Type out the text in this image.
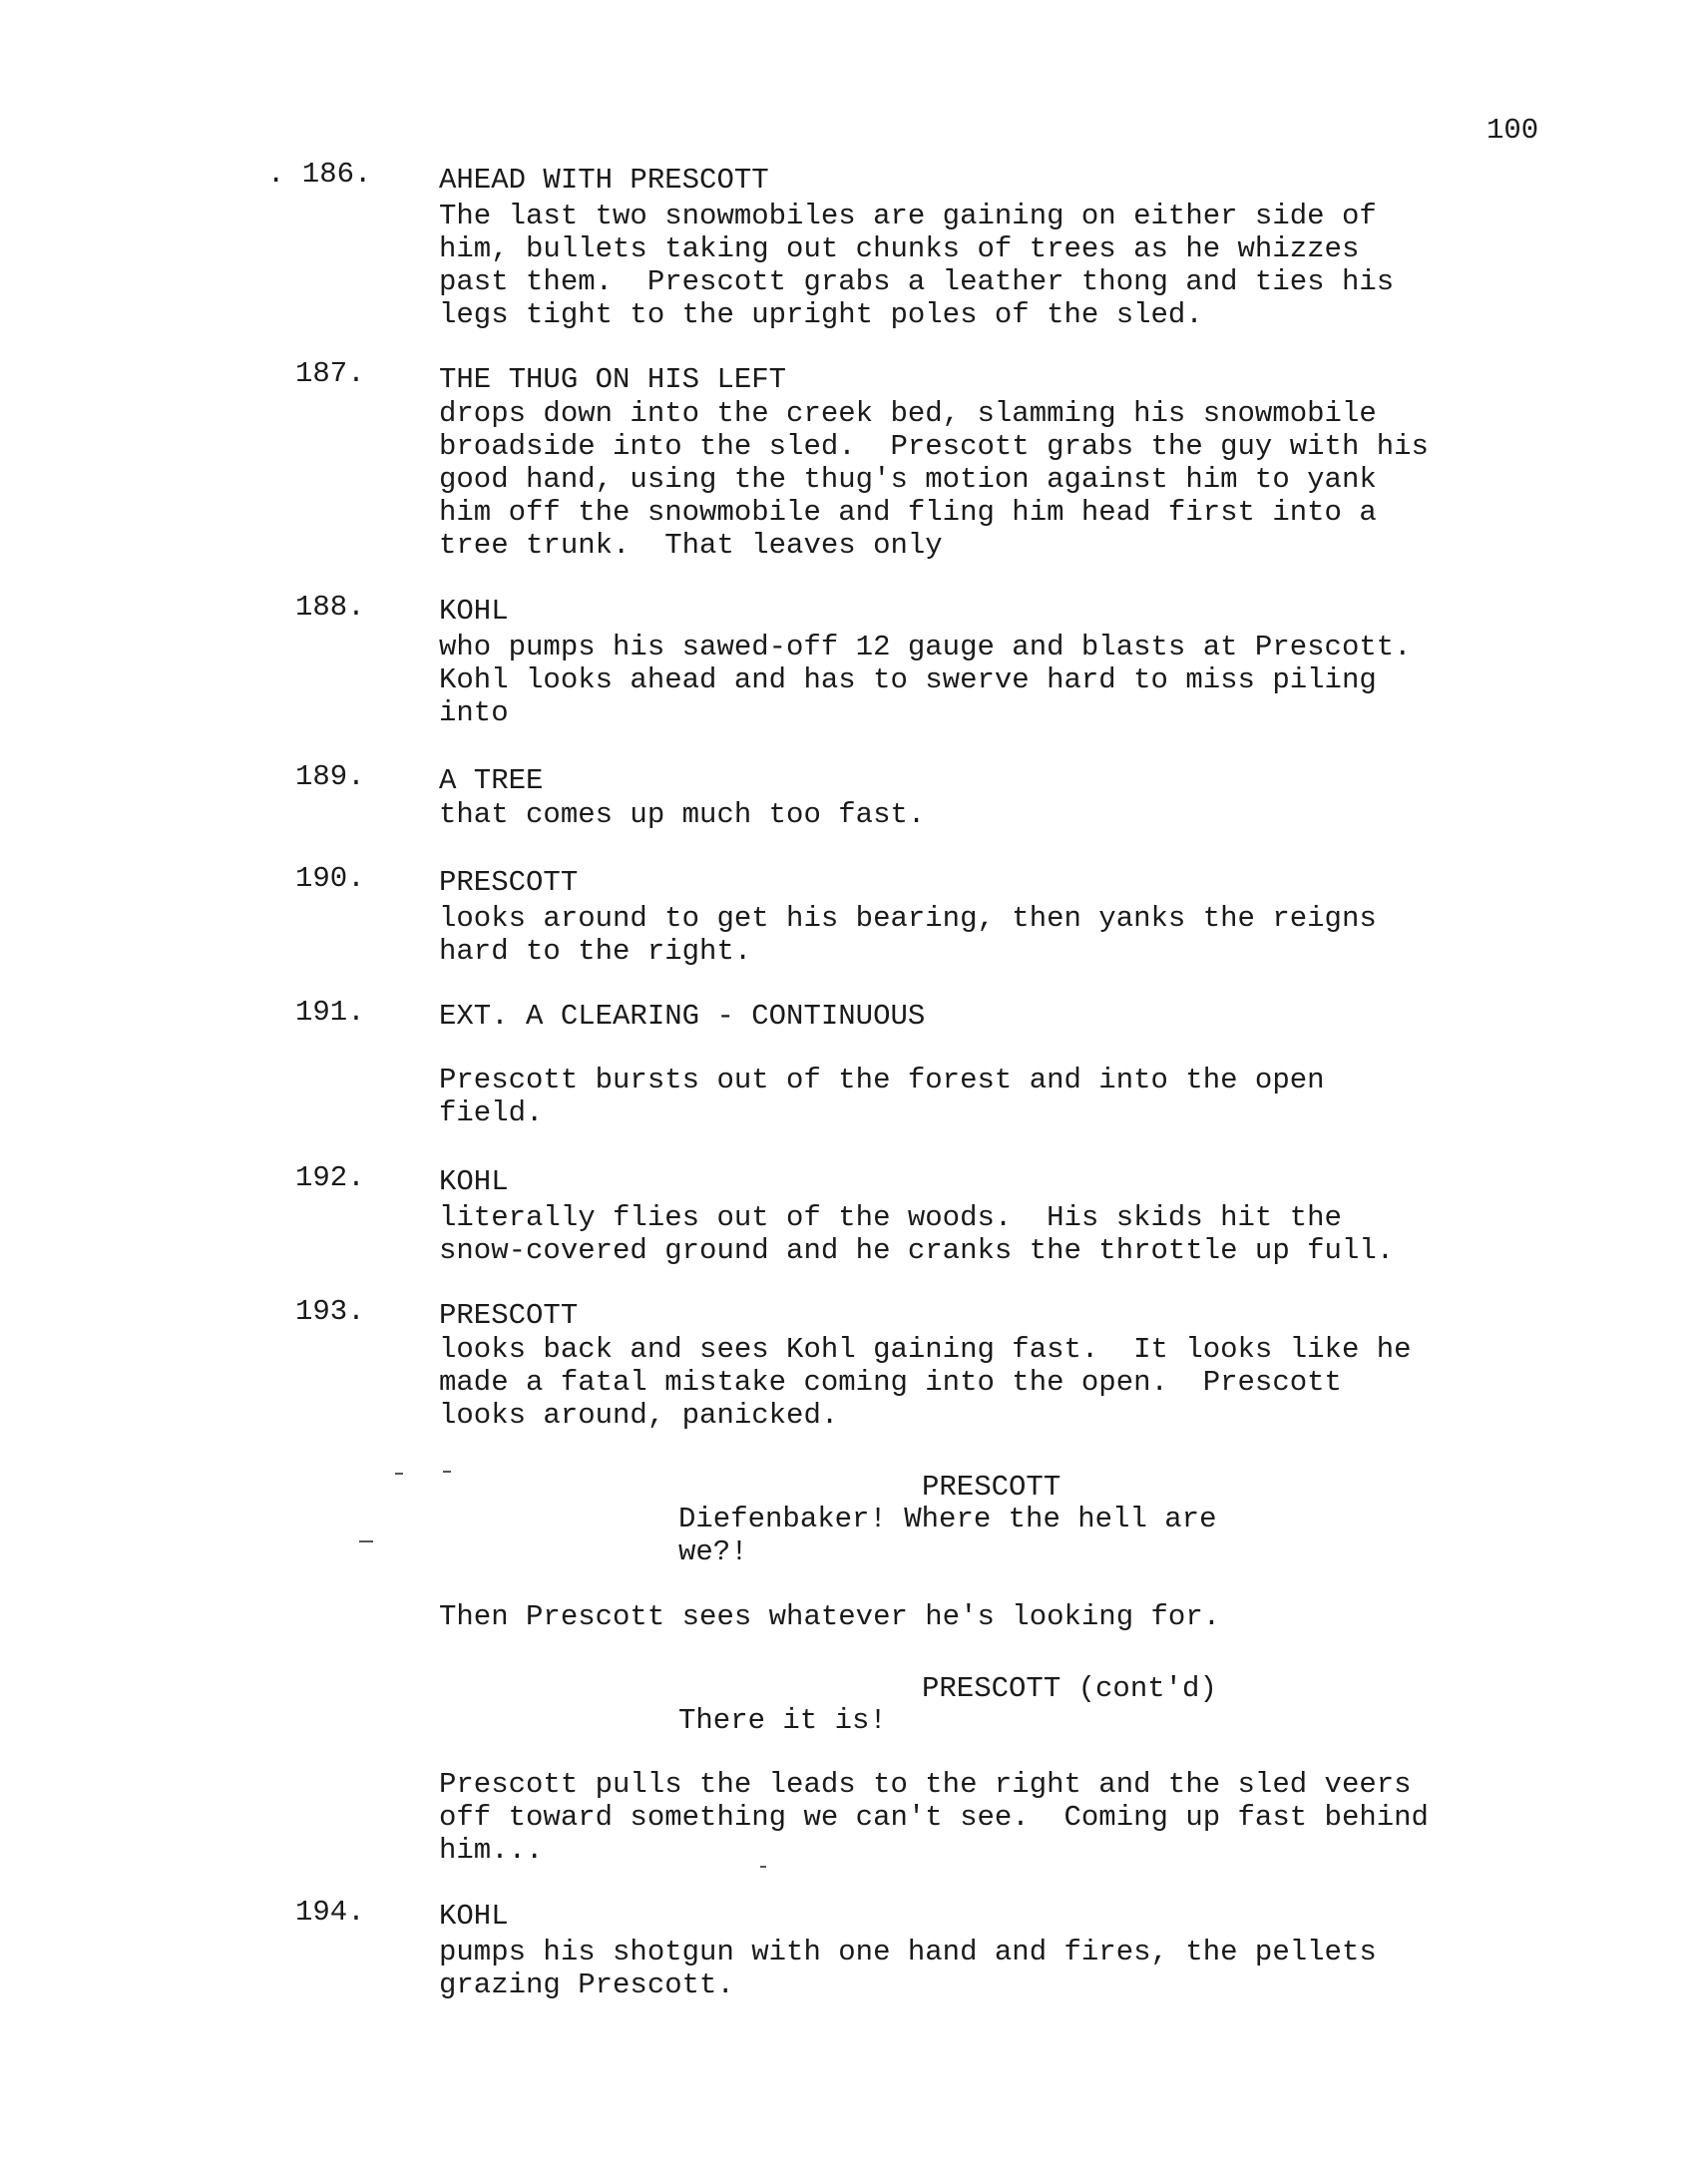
100
. 186. AHEAD WITH PRESCOTT
The last two snowmobiles are gaining on either side of
him, bullets taking out chunks of trees as he whizzes
past them.  Prescott grabs a leather thong and ties his
legs tight to the upright poles of the sled.
187.	THE THUG ON HIS LEFT
drops down into the creek bed, slamming his snowmobile
broadside into the sled.  Prescott grabs the guy with his
good hand, using the thug's motion against him to yank
him off the snowmobile and fling him head first into a
tree trunk.  That leaves only
188.	KOHL
who pumps his sawed-off 12 gauge and blasts at Prescott.
Kohl looks ahead and has to swerve hard to miss piling
into
189.	A TREE
that comes up much too fast.
190.	PRESCOTT
looks around to get his bearing, then yanks the reigns
hard to the right.
191.	EXT. A CLEARING - CONTINUOUS
Prescott bursts out of the forest and into the open
field.
192.	KOHL
literally flies out of the woods.  His skids hit the
snow-covered ground and he cranks the throttle up full.
193.	PRESCOTT
looks back and sees Kohl gaining fast.  It looks like he
made a fatal mistake coming into the open.  Prescott
looks around, panicked.
PRESCOTT
Diefenbaker! Where the hell are
we?!
Then Prescott sees whatever he's looking for.
PRESCOTT (cont'd)
There it is!
Prescott pulls the leads to the right and the sled veers
off toward something we can't see.  Coming up fast behind
him...
194.	KOHL
pumps his shotgun with one hand and fires, the pellets
grazing Prescott.
